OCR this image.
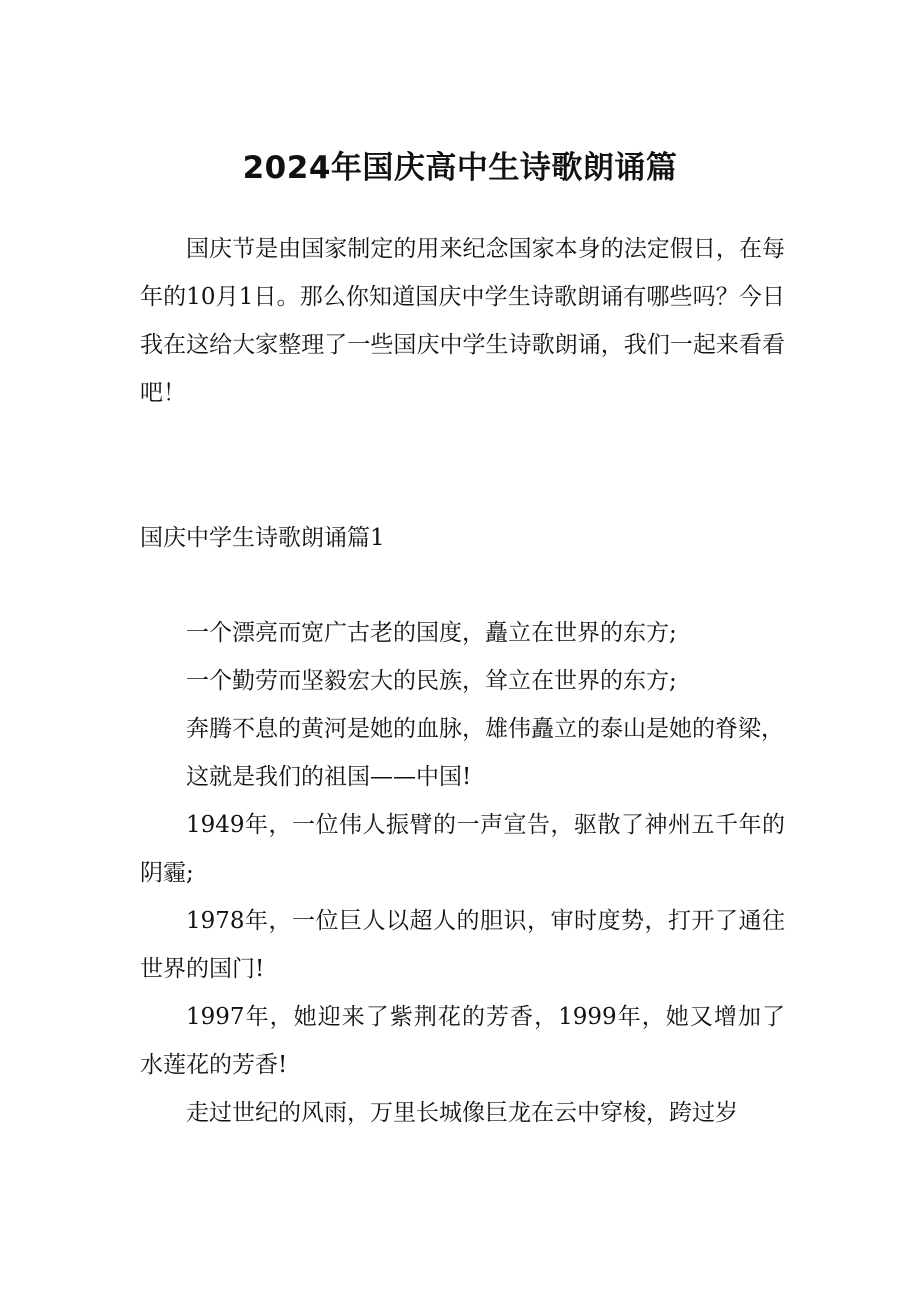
2024年国庆高中生诗歌朗诵篇

国庆节是由国家制定的用来纪念国家本身的法定假日，在每年的10月1日。那么你知道国庆中学生诗歌朗诵有哪些吗？今日我在这给大家整理了一些国庆中学生诗歌朗诵，我们一起来看看吧！

国庆中学生诗歌朗诵篇1

一个漂亮而宽广古老的国度，矗立在世界的东方;

一个勤劳而坚毅宏大的民族，耸立在世界的东方;

奔腾不息的黄河是她的血脉，雄伟矗立的泰山是她的脊梁，

这就是我们的祖国——中国!

1949年，一位伟人振臂的一声宣告，驱散了神州五千年的阴霾;

1978年，一位巨人以超人的胆识，审时度势，打开了通往世界的国门!

1997年，她迎来了紫荆花的芳香，1999年，她又增加了水莲花的芳香!

走过世纪的风雨，万里长城像巨龙在云中穿梭，跨过岁
